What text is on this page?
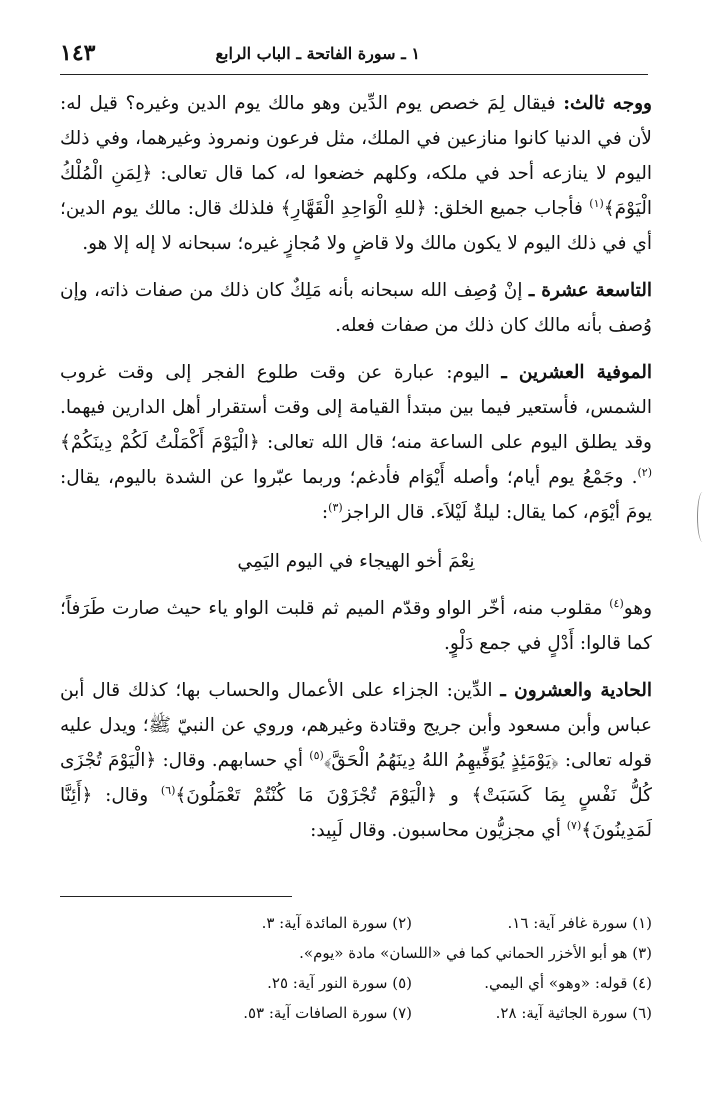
١ ـ سورة الفاتحة ـ الباب الرابع
١٤٣

ووجه ثالث: فيقال لِمَ خصص يوم الدِّين وهو مالك يوم الدين وغيره؟ قيل له: لأن في الدنيا كانوا منازعين في الملك، مثل فرعون ونمروذ وغيرهما، وفي ذلك اليوم لا ينازعه أحد في ملكه، وكلهم خضعوا له، كما قال تعالى: ﴿لِمَنِ الْمُلْكُ الْيَوْمَ﴾$^{(١)}$ فأجاب جميع الخلق: ﴿للهِ الْوَاحِدِ الْقَهَّارِ﴾ فلذلك قال: مالك يوم الدين؛ أي في ذلك اليوم لا يكون مالك ولا قاضٍ ولا مُجازٍ غيره؛ سبحانه لا إله إلا هو.

التاسعة عشرة ـ إنْ وُصِف الله سبحانه بأنه مَلِكٌ كان ذلك من صفات ذاته، وإن وُصف بأنه مالك كان ذلك من صفات فعله.

الموفية العشرين ـ اليوم: عبارة عن وقت طلوع الفجر إلى وقت غروب الشمس، فأستعير فيما بين مبتدأ القيامة إلى وقت أستقرار أهل الدارين فيهما. وقد يطلق اليوم على الساعة منه؛ قال الله تعالى: ﴿الْيَوْمَ أَكْمَلْتُ لَكُمْ دِينَكُمْ﴾$^{(٢)}$. وجَمْعُ يوم أيام؛ وأصله أَيْوَام فأدغم؛ وربما عبّروا عن الشدة باليوم، يقال: يومَ أيْوَم، كما يقال: ليلةٌ لَيْلاَء. قال الراجز$^{(٣)}$:

نِعْمَ أخو الهيجاء في اليوم اليَمِي

وهو$^{(٤)}$ مقلوب منه، أخّر الواو وقدّم الميم ثم قلبت الواو ياء حيث صارت طَرَفاً؛ كما قالوا: أَدْلٍ في جمع دَلْوٍ.

الحادية والعشرون ـ الدِّين: الجزاء على الأعمال والحساب بها؛ كذلك قال أبن عباس وأبن مسعود وأبن جريج وقتادة وغيرهم، وروي عن النبيّ ﷺ؛ ويدل عليه قوله تعالى: ﴿يَوْمَئِذٍ يُوَفِّيهِمُ اللهُ دِينَهُمُ الْحَقَّ﴾$^{(٥)}$ أي حسابهم. وقال: ﴿الْيَوْمَ تُجْزَى كُلُّ نَفْسٍ بِمَا كَسَبَتْ﴾ و ﴿الْيَوْمَ تُجْزَوْنَ مَا كُنْتُمْ تَعْمَلُونَ﴾$^{(٦)}$ وقال: ﴿أَئِنَّا لَمَدِينُونَ﴾$^{(٧)}$ أي مجزيُّون محاسبون. وقال لَبِيد:

(١) سورة غافر آية: ١٦.
(٢) سورة المائدة آية: ٣.
(٣) هو أبو الأخزر الحماني كما في «اللسان» مادة «يوم».
(٤) قوله: «وهو» أي اليمي.
(٥) سورة النور آية: ٢٥.
(٦) سورة الجاثية آية: ٢٨.
(٧) سورة الصافات آية: ٥٣.
